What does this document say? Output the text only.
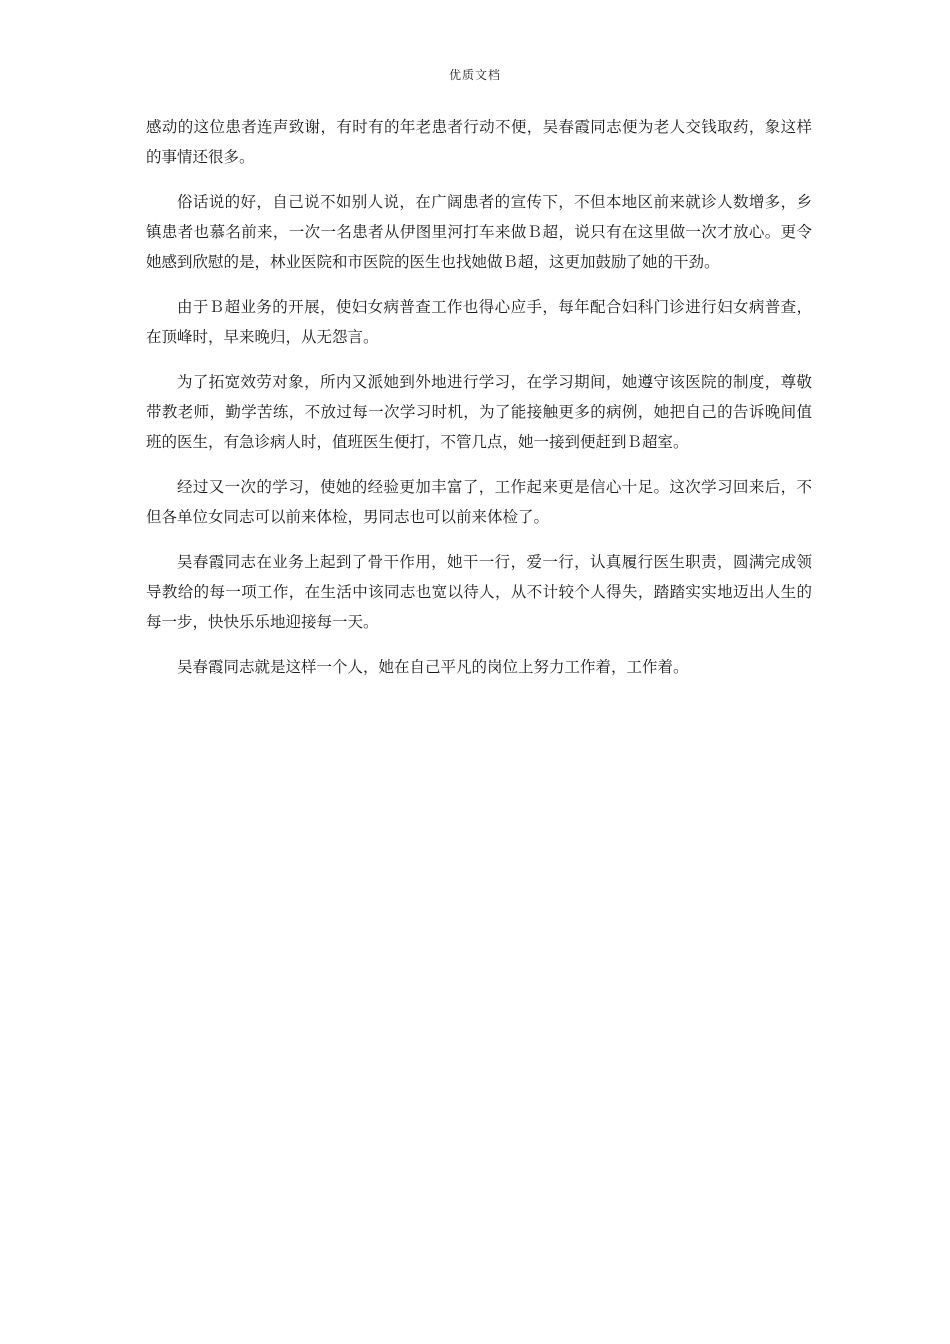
优质文档

感动的这位患者连声致谢，有时有的年老患者行动不便，吴春霞同志便为老人交钱取药，象这样的事情还很多。

俗话说的好，自己说不如别人说，在广阔患者的宣传下，不但本地区前来就诊人数增多，乡镇患者也慕名前来，一次一名患者从伊图里河打车来做Ｂ超，说只有在这里做一次才放心。更令她感到欣慰的是，林业医院和市医院的医生也找她做Ｂ超，这更加鼓励了她的干劲。

由于Ｂ超业务的开展，使妇女病普查工作也得心应手，每年配合妇科门诊进行妇女病普查，在顶峰时，早来晚归，从无怨言。

为了拓宽效劳对象，所内又派她到外地进行学习，在学习期间，她遵守该医院的制度，尊敬带教老师，勤学苦练，不放过每一次学习时机，为了能接触更多的病例，她把自己的告诉晚间值班的医生，有急诊病人时，值班医生便打，不管几点，她一接到便赶到Ｂ超室。

经过又一次的学习，使她的经验更加丰富了，工作起来更是信心十足。这次学习回来后，不但各单位女同志可以前来体检，男同志也可以前来体检了。

吴春霞同志在业务上起到了骨干作用，她干一行，爱一行，认真履行医生职责，圆满完成领导教给的每一项工作，在生活中该同志也宽以待人，从不计较个人得失，踏踏实实地迈出人生的每一步，快快乐乐地迎接每一天。

吴春霞同志就是这样一个人，她在自己平凡的岗位上努力工作着，工作着。
